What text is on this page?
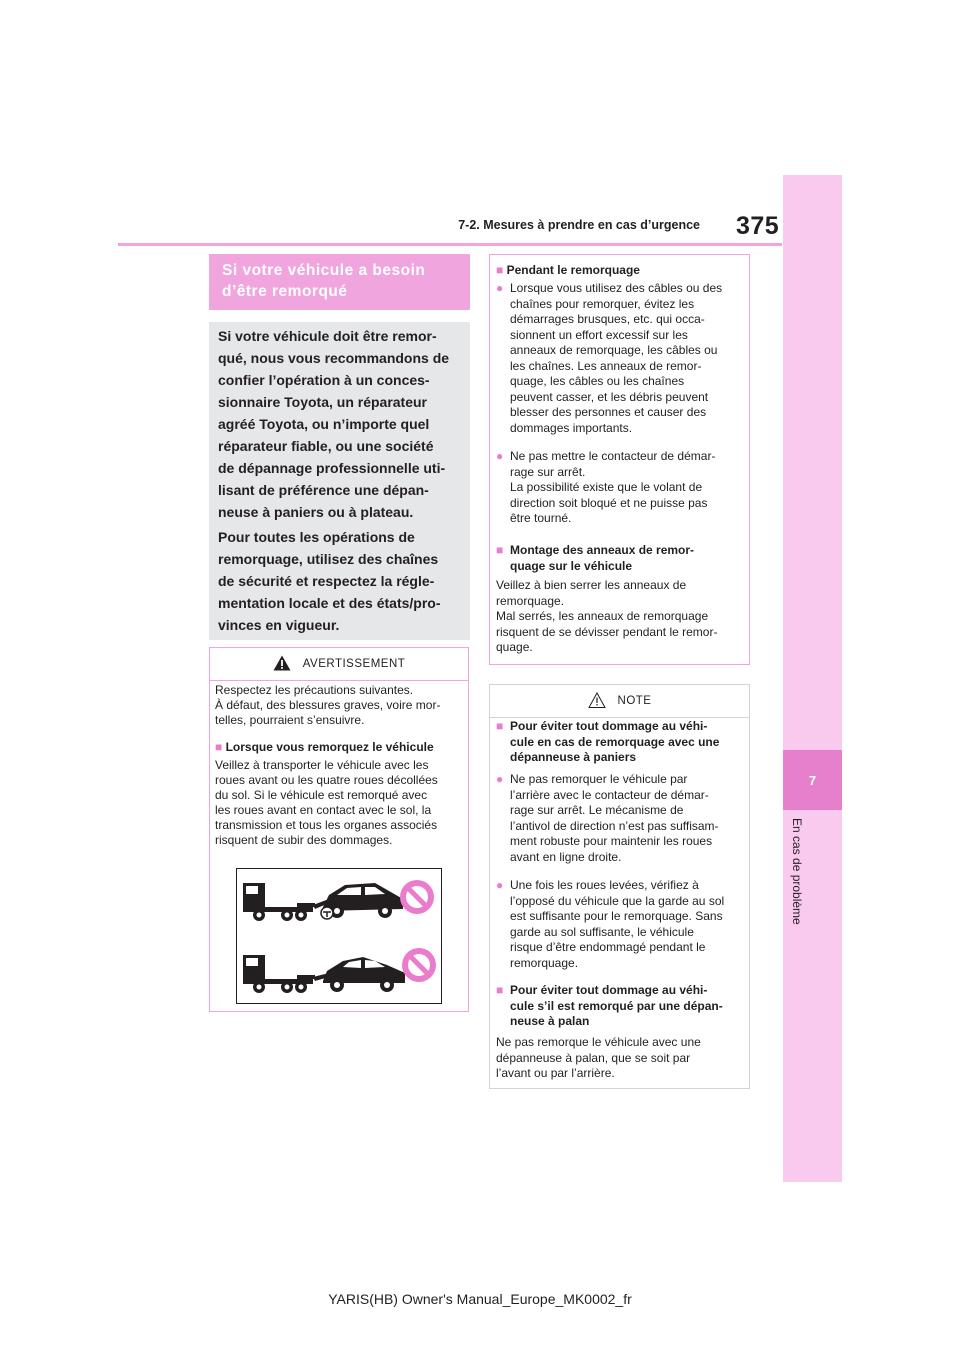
7-2. Mesures à prendre en cas d’urgence 375
7
En cas de problème
Si votre véhicule a besoin
d’être remorqué

Si votre véhicule doit être remor-

qué, nous vous recommandons de

confier l’opération à un conces-

sionnaire Toyota, un réparateur

agréé Toyota, ou n’importe quel

réparateur fiable, ou une société

de dépannage professionnelle uti-

lisant de préférence une dépan-

neuse à paniers ou à plateau.

Pour toutes les opérations de

remorquage, utilisez des chaînes

de sécurité et respectez la régle-

mentation locale et des états/pro-

vinces en vigueur.

AVERTISSEMENT
Respectez les précautions suivantes.
À défaut, des blessures graves, voire mor-
telles, pourraient s’ensuivre.
■ Lorsque vous remorquez le véhicule
Veillez à transporter le véhicule avec les
roues avant ou les quatre roues décollées
du sol. Si le véhicule est remorqué avec
les roues avant en contact avec le sol, la
transmission et tous les organes associés
risquent de subir des dommages.
■ Pendant le remorquage
● Lorsque vous utilisez des câbles ou des
chaînes pour remorquer, évitez les
démarrages brusques, etc. qui occa-
sionnent un effort excessif sur les
anneaux de remorquage, les câbles ou
les chaînes. Les anneaux de remor-
quage, les câbles ou les chaînes
peuvent casser, et les débris peuvent
blesser des personnes et causer des
dommages importants.
● Ne pas mettre le contacteur de démar-
rage sur arrêt.
La possibilité existe que le volant de
direction soit bloqué et ne puisse pas
être tourné.
■ Montage des anneaux de remor-
quage sur le véhicule
Veillez à bien serrer les anneaux de
remorquage.
Mal serrés, les anneaux de remorquage
risquent de se dévisser pendant le remor-
quage.
NOTE
■ Pour éviter tout dommage au véhi-
cule en cas de remorquage avec une
dépanneuse à paniers
● Ne pas remorquer le véhicule par
l’arrière avec le contacteur de démar-
rage sur arrêt. Le mécanisme de
l’antivol de direction n’est pas suffisam-
ment robuste pour maintenir les roues
avant en ligne droite.
● Une fois les roues levées, vérifiez à
l’opposé du véhicule que la garde au sol
est suffisante pour le remorquage. Sans
garde au sol suffisante, le véhicule
risque d’être endommagé pendant le
remorquage.
■ Pour éviter tout dommage au véhi-
cule s’il est remorqué par une dépan-
neuse à palan
Ne pas remorque le véhicule avec une
dépanneuse à palan, que se soit par
l’avant ou par l’arrière.
YARIS(HB) Owner's Manual_Europe_MK0002_fr
